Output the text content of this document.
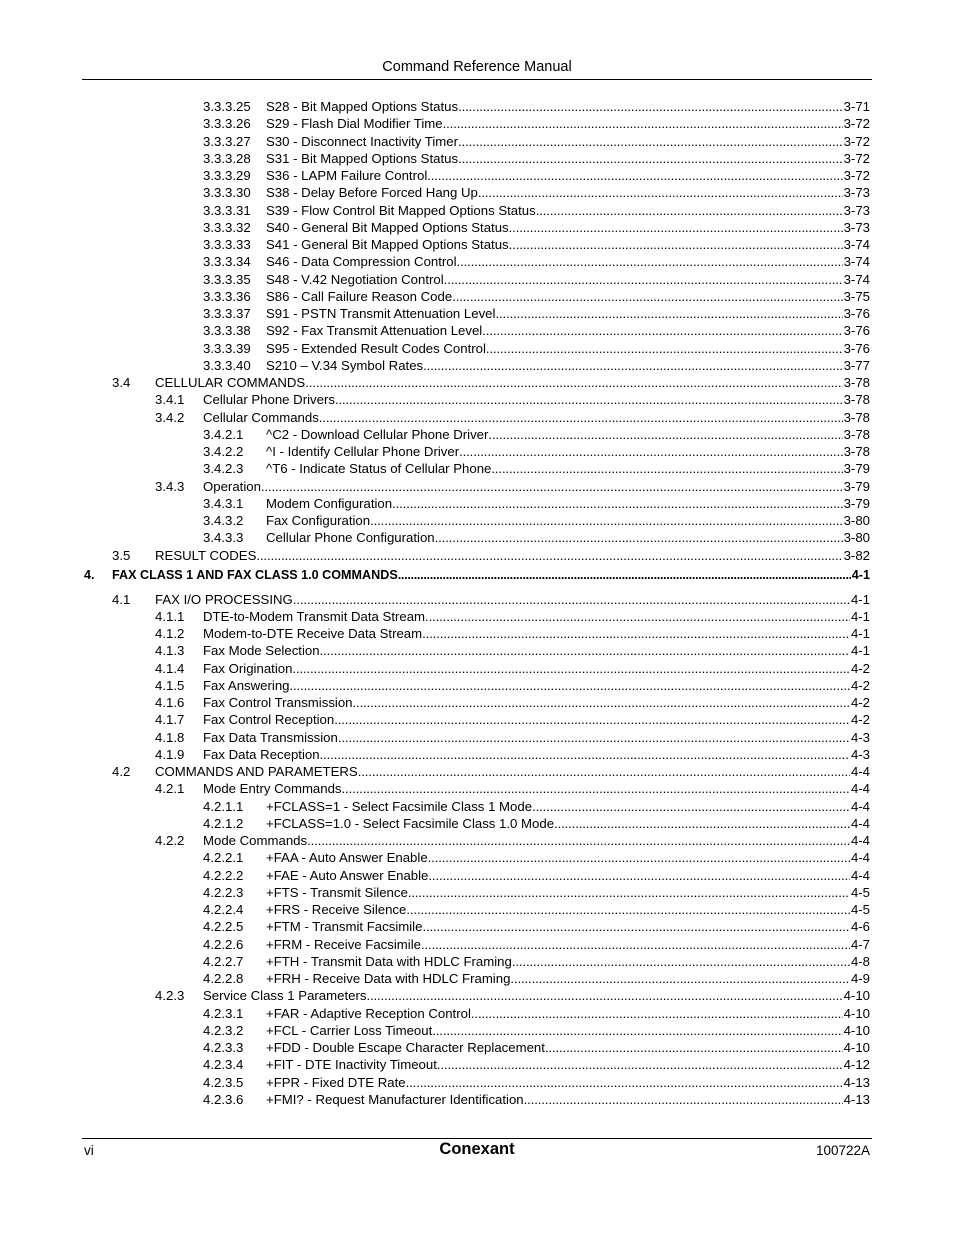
Command Reference Manual
3.3.3.25 S28 - Bit Mapped Options Status . . .	3-71
3.3.3.26 S29 - Flash Dial Modifier Time . . .	3-72
3.3.3.27 S30 - Disconnect Inactivity Timer . . .	3-72
3.3.3.28 S31 - Bit Mapped Options Status . . .	3-72
3.3.3.29 S36 - LAPM Failure Control . . .	3-72
3.3.3.30 S38 - Delay Before Forced Hang Up . . .	3-73
3.3.3.31 S39 - Flow Control Bit Mapped Options Status . . .	3-73
3.3.3.32 S40 - General Bit Mapped Options Status . . .	3-73
3.3.3.33 S41 - General Bit Mapped Options Status . . .	3-74
3.3.3.34 S46 - Data Compression Control . . .	3-74
3.3.3.35 S48 - V.42 Negotiation Control . . .	3-74
3.3.3.36 S86 - Call Failure Reason Code . . .	3-75
3.3.3.37 S91 - PSTN Transmit Attenuation Level . . .	3-76
3.3.3.38 S92 - Fax Transmit Attenuation Level . . .	3-76
3.3.3.39 S95 - Extended Result Codes Control . . .	3-76
3.3.3.40 S210 – V.34 Symbol Rates . . .	3-77
3.4 CELLULAR COMMANDS . . .	3-78
3.4.1 Cellular Phone Drivers . . .	3-78
3.4.2 Cellular Commands . . .	3-78
3.4.2.1 ^C2 - Download Cellular Phone Driver . . .	3-78
3.4.2.2 ^I - Identify Cellular Phone Driver . . .	3-78
3.4.2.3 ^T6 - Indicate Status of Cellular Phone . . .	3-79
3.4.3 Operation . . .	3-79
3.4.3.1 Modem Configuration . . .	3-79
3.4.3.2 Fax Configuration . . .	3-80
3.4.3.3 Cellular Phone Configuration . . .	3-80
3.5 RESULT CODES . . .	3-82
4. FAX CLASS 1 AND FAX CLASS 1.0 COMMANDS . . .	4-1
4.1 FAX I/O PROCESSING . . .	4-1
4.1.1 DTE-to-Modem Transmit Data Stream . . .	4-1
4.1.2 Modem-to-DTE Receive Data Stream . . .	4-1
4.1.3 Fax Mode Selection . . .	4-1
4.1.4 Fax Origination . . .	4-2
4.1.5 Fax Answering . . .	4-2
4.1.6 Fax Control Transmission . . .	4-2
4.1.7 Fax Control Reception . . .	4-2
4.1.8 Fax Data Transmission . . .	4-3
4.1.9 Fax Data Reception . . .	4-3
4.2 COMMANDS AND PARAMETERS . . .	4-4
4.2.1 Mode Entry Commands . . .	4-4
4.2.1.1 +FCLASS=1 - Select Facsimile Class 1 Mode . . .	4-4
4.2.1.2 +FCLASS=1.0 - Select Facsimile Class 1.0 Mode . . .	4-4
4.2.2 Mode Commands . . .	4-4
4.2.2.1 +FAA - Auto Answer Enable . . .	4-4
4.2.2.2 +FAE - Auto Answer Enable . . .	4-4
4.2.2.3 +FTS - Transmit Silence . . .	4-5
4.2.2.4 +FRS - Receive Silence . . .	4-5
4.2.2.5 +FTM - Transmit Facsimile . . .	4-6
4.2.2.6 +FRM - Receive Facsimile . . .	4-7
4.2.2.7 +FTH - Transmit Data with HDLC Framing . . .	4-8
4.2.2.8 +FRH - Receive Data with HDLC Framing . . .	4-9
4.2.3 Service Class 1 Parameters . . .	4-10
4.2.3.1 +FAR - Adaptive Reception Control . . .	4-10
4.2.3.2 +FCL - Carrier Loss Timeout . . .	4-10
4.2.3.3 +FDD - Double Escape Character Replacement . . .	4-10
4.2.3.4 +FIT - DTE Inactivity Timeout . . .	4-12
4.2.3.5 +FPR - Fixed DTE Rate . . .	4-13
4.2.3.6 +FMI? - Request Manufacturer Identification . . .	4-13
vi	Conexant	100722A
